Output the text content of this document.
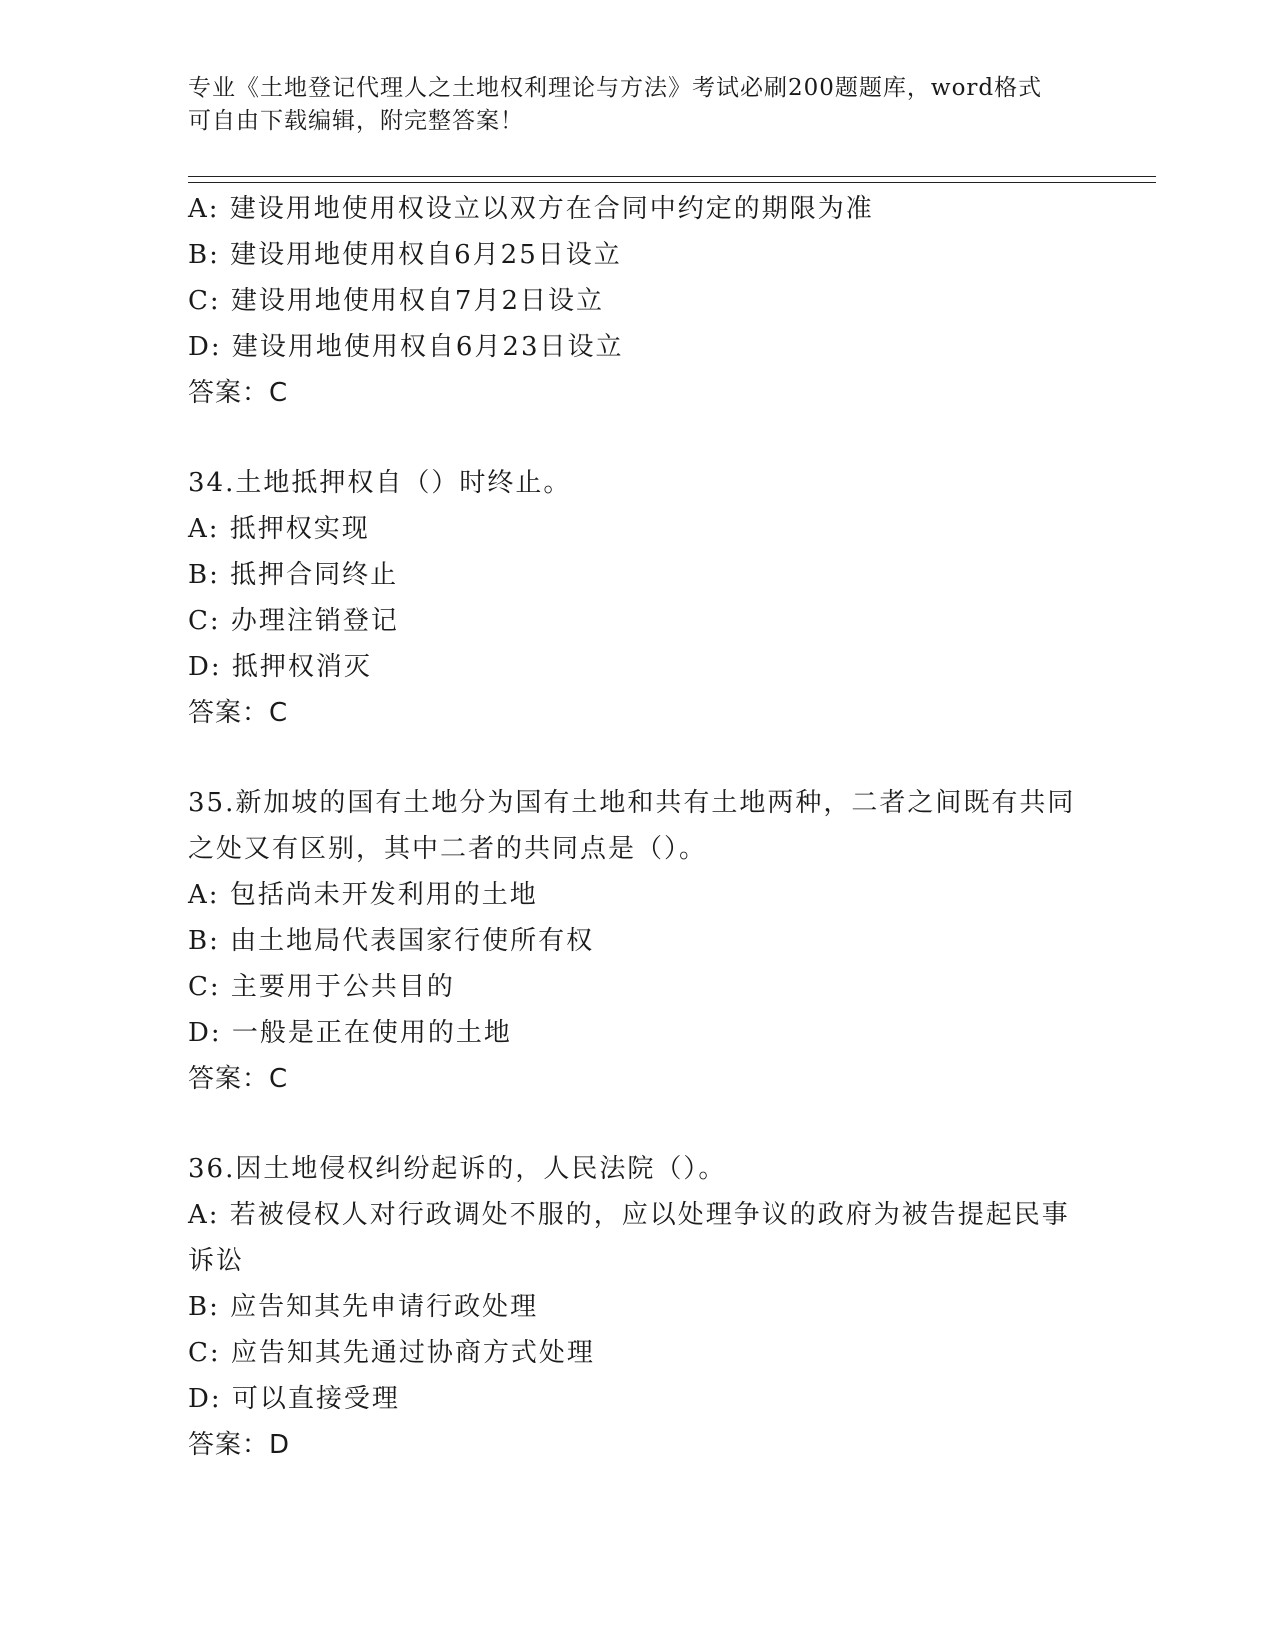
专业《土地登记代理人之土地权利理论与方法》考试必刷200题题库，word格式
可自由下载编辑，附完整答案！

A: 建设用地使用权设立以双方在合同中约定的期限为准

B: 建设用地使用权自6月25日设立

C: 建设用地使用权自7月2日设立

D: 建设用地使用权自6月23日设立

答案：C

34.土地抵押权自（）时终止。

A: 抵押权实现

B: 抵押合同终止

C: 办理注销登记

D: 抵押权消灭

答案：C

35.新加坡的国有土地分为国有土地和共有土地两种，二者之间既有共同之处又有区别，其中二者的共同点是（）。

A: 包括尚未开发利用的土地

B: 由土地局代表国家行使所有权

C: 主要用于公共目的

D: 一般是正在使用的土地

答案：C

36.因土地侵权纠纷起诉的，人民法院（）。

A: 若被侵权人对行政调处不服的，应以处理争议的政府为被告提起民事诉讼

B: 应告知其先申请行政处理

C: 应告知其先通过协商方式处理

D: 可以直接受理

答案：D
